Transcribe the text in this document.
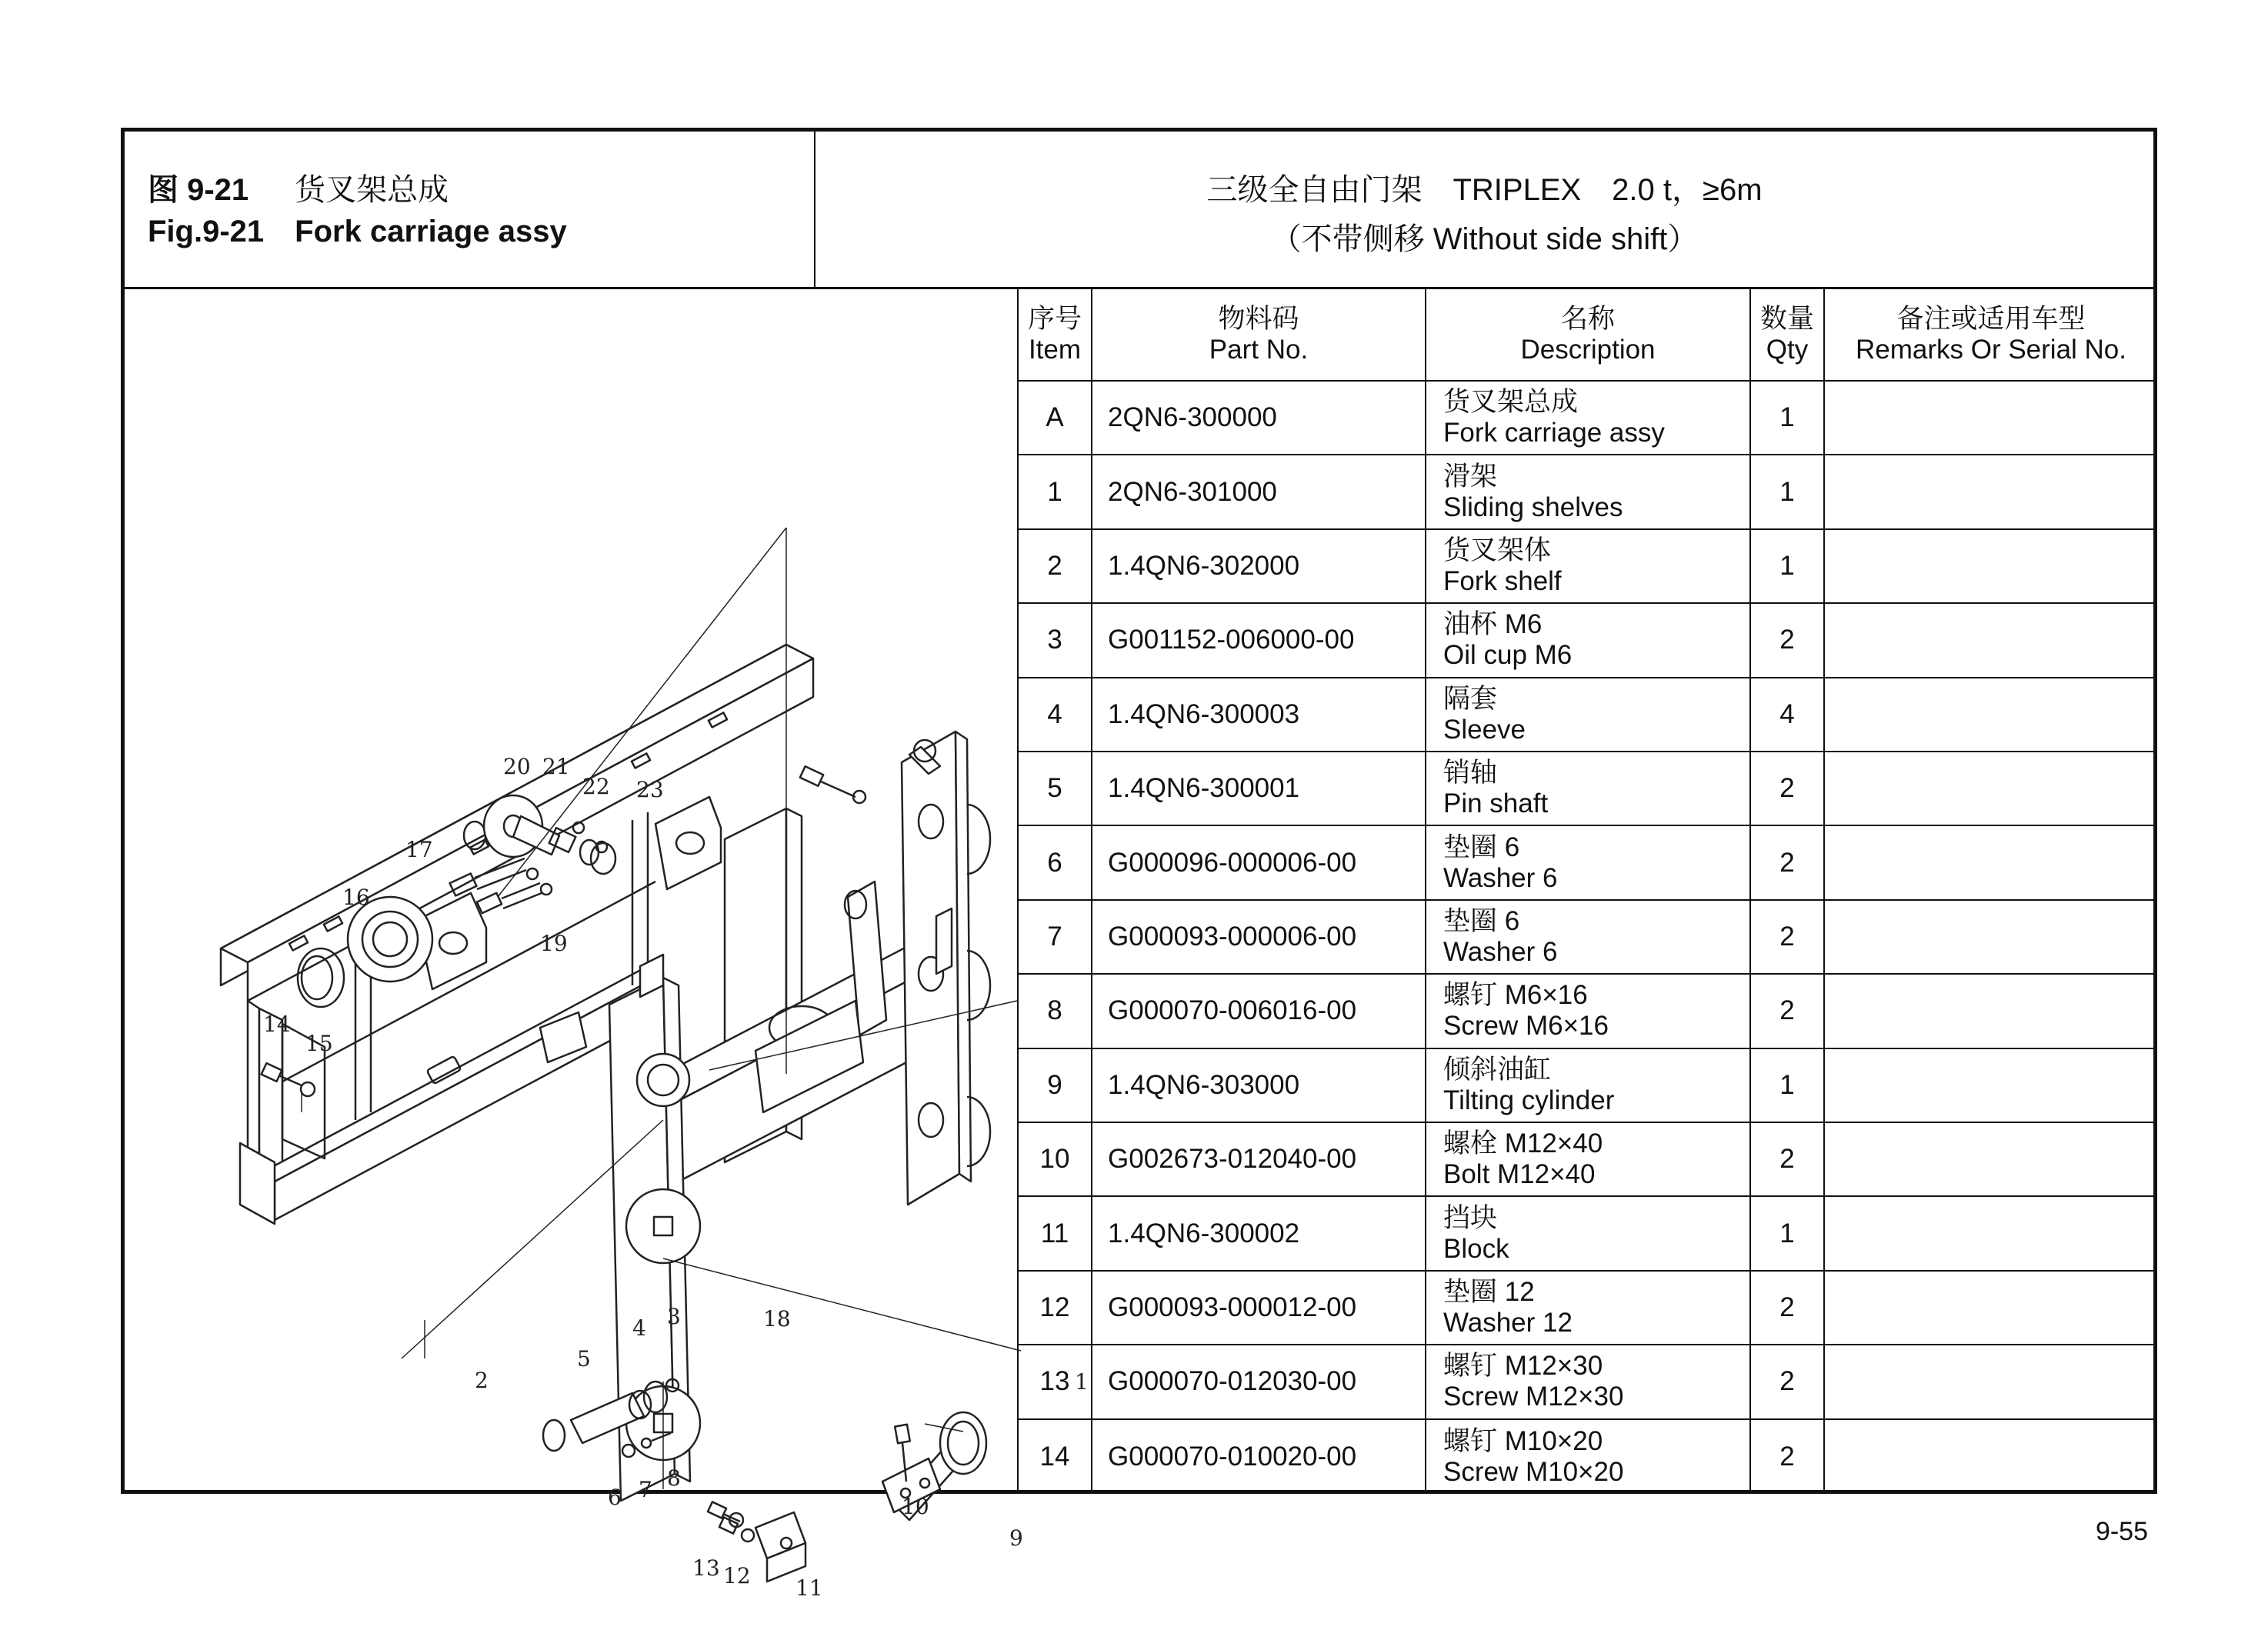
图 9-21 货叉架总成
Fig.9-21 Fork carriage assy
三级全自由门架　TRIPLEX　2.0 t，≥6m
（不带侧移 Without side shift）
1
2
3
4
5
6 7 8
9
10
11
12
13
14
15
16
17
18
19
20 21
22 23
序号
Item
物料码
Part No.
名称
Description
数量
Qty
备注或适用车型
Remarks Or Serial No.
A 2QN6-300000
货叉架总成
Fork carriage assy
1
1 2QN6-301000
滑架
Sliding shelves
1
2 1.4QN6-302000
货叉架体
Fork shelf
1
3 G001152-006000-00
油杯 M6
Oil cup M6
2
4 1.4QN6-300003
隔套
Sleeve
4
5 1.4QN6-300001
销轴
Pin shaft
2
6 G000096-000006-00
垫圈 6
Washer 6
2
7 G000093-000006-00
垫圈 6
Washer 6
2
8 G000070-006016-00
螺钉 M6×16
Screw M6×16
2
9 1.4QN6-303000
倾斜油缸
Tilting cylinder
1
10 G002673-012040-00
螺栓 M12×40
Bolt M12×40
2
11 1.4QN6-300002
挡块
Block
1
12 G000093-000012-00
垫圈 12
Washer 12
2
13 G000070-012030-00
螺钉 M12×30
Screw M12×30
2
14 G000070-010020-00
螺钉 M10×20
Screw M10×20
2
9-55
